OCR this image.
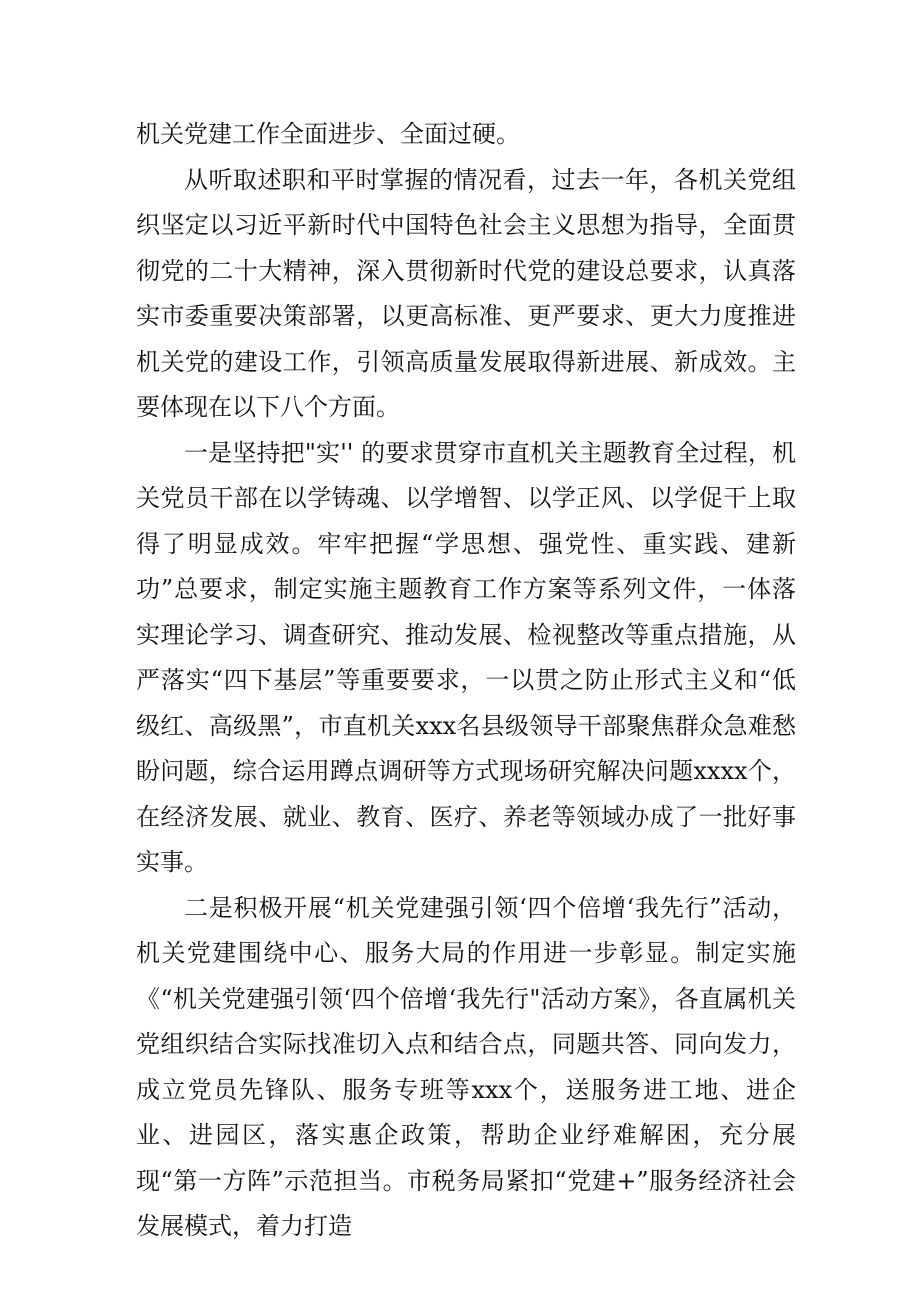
机关党建工作全面进步、全面过硬。

从听取述职和平时掌握的情况看，过去一年，各机关党组织坚定以习近平新时代中国特色社会主义思想为指导，全面贯彻党的二十大精神，深入贯彻新时代党的建设总要求，认真落实市委重要决策部署，以更高标准、更严要求、更大力度推进机关党的建设工作，引领高质量发展取得新进展、新成效。主要体现在以下八个方面。

一是坚持把"实'' 的要求贯穿市直机关主题教育全过程，机关党员干部在以学铸魂、以学增智、以学正风、以学促干上取得了明显成效。牢牢把握“学思想、强党性、重实践、建新功”总要求，制定实施主题教育工作方案等系列文件，一体落实理论学习、调查研究、推动发展、检视整改等重点措施，从严落实“四下基层”等重要要求，一以贯之防止形式主义和“低级红、高级黑”，市直机关xxx名县级领导干部聚焦群众急难愁盼问题，综合运用蹲点调研等方式现场研究解决问题xxxx个，在经济发展、就业、教育、医疗、养老等领域办成了一批好事实事。

二是积极开展“机关党建强引领‘四个倍增‘我先行”活动，机关党建围绕中心、服务大局的作用进一步彰显。制定实施《“机关党建强引领‘四个倍增‘我先行"活动方案》，各直属机关党组织结合实际找准切入点和结合点，同题共答、同向发力，成立党员先锋队、服务专班等xxx个，送服务进工地、进企业、进园区，落实惠企政策，帮助企业纾难解困，充分展现“第一方阵”示范担当。市税务局紧扣“党建+”服务经济社会发展模式，着力打造
